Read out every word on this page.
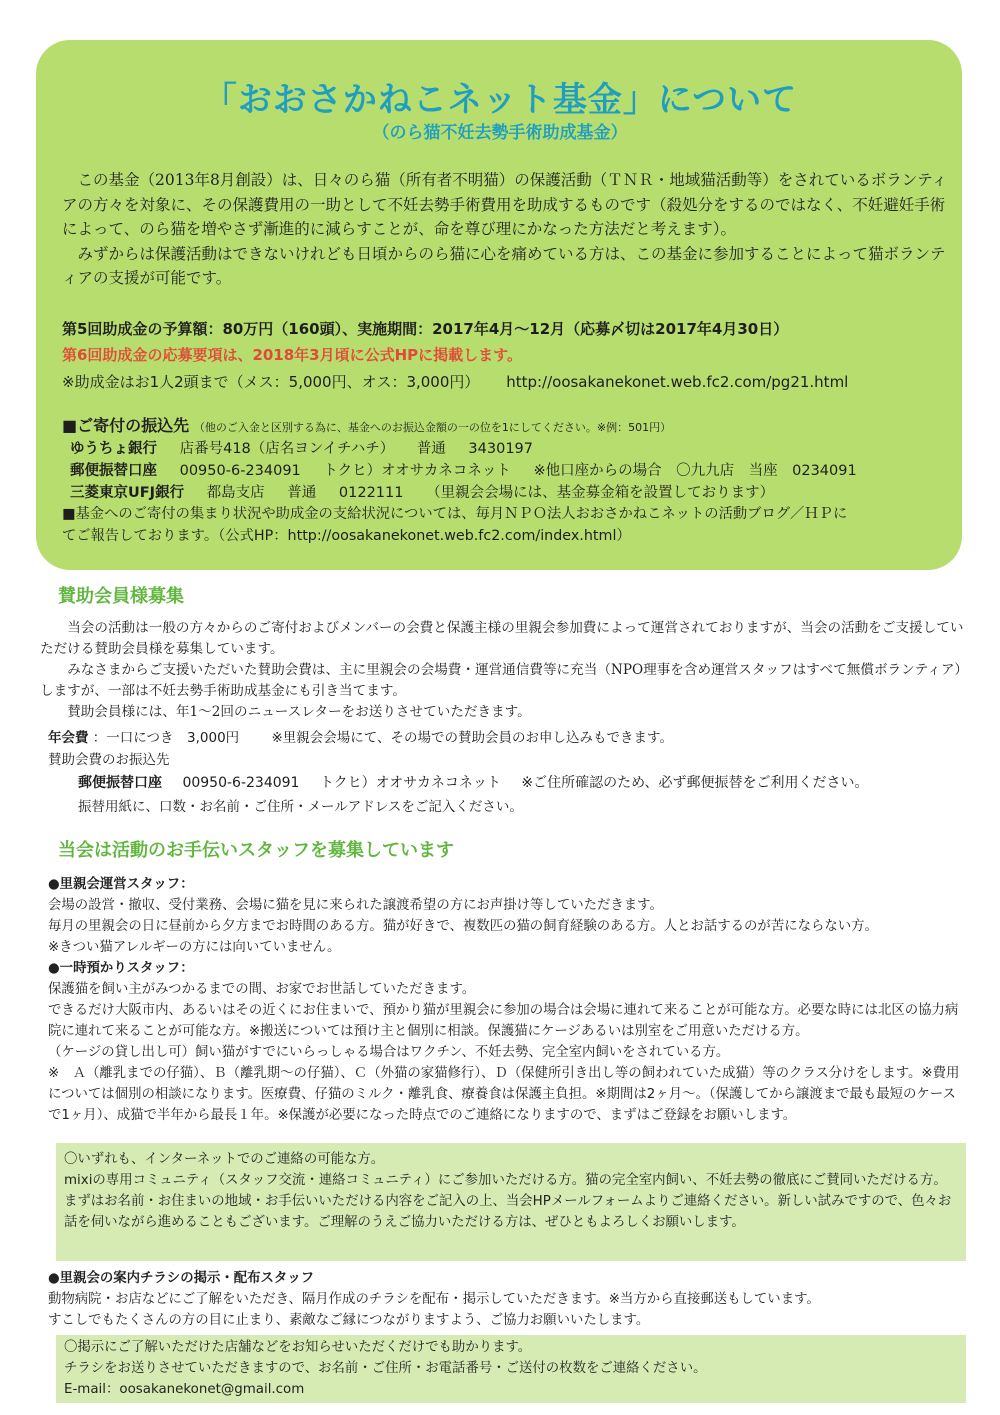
「おおさかねこネット基金」について
（のら猫不妊去勢手術助成基金）

この基金（2013年8月創設）は、日々のら猫（所有者不明猫）の保護活動（ＴＮＲ・地域猫活動等）をされているボランティアの方々を対象に、その保護費用の一助として不妊去勢手術費用を助成するものです（殺処分をするのではなく、不妊避妊手術によって、のら猫を増やさず漸進的に減らすことが、命を尊び理にかなった方法だと考えます）。

みずからは保護活動はできないけれども日頃からのら猫に心を痛めている方は、この基金に参加することによって猫ボランティアの支援が可能です。

第5回助成金の予算額：80万円（160頭）、実施期間：2017年4月～12月（応募〆切は2017年4月30日）
第6回助成金の応募要項は、2018年3月頃に公式HPに掲載します。
※助成金はお1人2頭まで（メス：5,000円、オス：3,000円） http://oosakanekonet.web.fc2.com/pg21.html
■ご寄付の振込先 （他のご入金と区別する為に、基金へのお振込金額の一の位を1にしてください。※例：501円）
ゆうちょ銀行 店番号418（店名ヨンイチハチ） 普通 3430197
郵便振替口座 00950-6-234091 トクヒ）オオサカネコネット ※他口座からの場合　〇九九店　当座　0234091
三菱東京UFJ銀行 都島支店 普通 0122111 （里親会会場には、基金募金箱を設置しております）
■基金へのご寄付の集まり状況や助成金の支給状況については、毎月ＮＰＯ法人おおさかねこネットの活動ブログ／ＨＰに
てご報告しております。（公式HP：http://oosakanekonet.web.fc2.com/index.html）
賛助会員様募集

当会の活動は一般の方々からのご寄付およびメンバーの会費と保護主様の里親会参加費によって運営されておりますが、当会の活動をご支援していただける賛助会員様を募集しています。

みなさまからご支援いただいた賛助会費は、主に里親会の会場費・運営通信費等に充当（NPO理事を含め運営スタッフはすべて無償ボランティア）しますが、一部は不妊去勢手術助成基金にも引き当てます。

賛助会員様には、年1～2回のニュースレターをお送りさせていただきます。

年会費 ：一口につき　3,000円 ※里親会会場にて、その場での賛助会員のお申し込みもできます。
賛助会費のお振込先
郵便振替口座 00950-6-234091 トクヒ）オオサカネコネット ※ご住所確認のため、必ず郵便振替をご利用ください。
振替用紙に、口数・お名前・ご住所・メールアドレスをご記入ください。
当会は活動のお手伝いスタッフを募集しています
●里親会運営スタッフ：
会場の設営・撤収、受付業務、会場に猫を見に来られた譲渡希望の方にお声掛け等していただきます。
毎月の里親会の日に昼前から夕方までお時間のある方。猫が好きで、複数匹の猫の飼育経験のある方。人とお話するのが苦にならない方。
※きつい猫アレルギーの方には向いていません。
●一時預かりスタッフ：
保護猫を飼い主がみつかるまでの間、お家でお世話していただきます。
できるだけ大阪市内、あるいはその近くにお住まいで、預かり猫が里親会に参加の場合は会場に連れて来ることが可能な方。必要な時には北区の協力病院に連れて来ることが可能な方。※搬送については預け主と個別に相談。保護猫にケージあるいは別室をご用意いただける方。
（ケージの貸し出し可）飼い猫がすでにいらっしゃる場合はワクチン、不妊去勢、完全室内飼いをされている方。
※　Ａ（離乳までの仔猫）、Ｂ（離乳期～の仔猫）、Ｃ（外猫の家猫修行）、Ｄ（保健所引き出し等の飼われていた成猫）等のクラス分けをします。※費用については個別の相談になります。医療費、仔猫のミルク・離乳食、療養食は保護主負担。※期間は2ヶ月～。（保護してから譲渡まで最も最短のケースで1ヶ月）、成猫で半年から最長１年。※保護が必要になった時点でのご連絡になりますので、まずはご登録をお願いします。
〇いずれも、インターネットでのご連絡の可能な方。
mixiの専用コミュニティ（スタッフ交流・連絡コミュニティ）にご参加いただける方。猫の完全室内飼い、不妊去勢の徹底にご賛同いただける方。
まずはお名前・お住まいの地域・お手伝いいただける内容をご記入の上、当会HPメールフォームよりご連絡ください。新しい試みですので、色々お話を伺いながら進めることもございます。ご理解のうえご協力いただける方は、ぜひともよろしくお願いします。
●里親会の案内チラシの掲示・配布スタッフ
動物病院・お店などにご了解をいただき、隔月作成のチラシを配布・掲示していただきます。※当方から直接郵送もしています。
すこしでもたくさんの方の目に止まり、素敵なご縁につながりますよう、ご協力お願いいたします。
〇掲示にご了解いただけた店舗などをお知らせいただくだけでも助かります。
チラシをお送りさせていただきますので、お名前・ご住所・お電話番号・ご送付の枚数をご連絡ください。
E-mail：oosakanekonet@gmail.com
